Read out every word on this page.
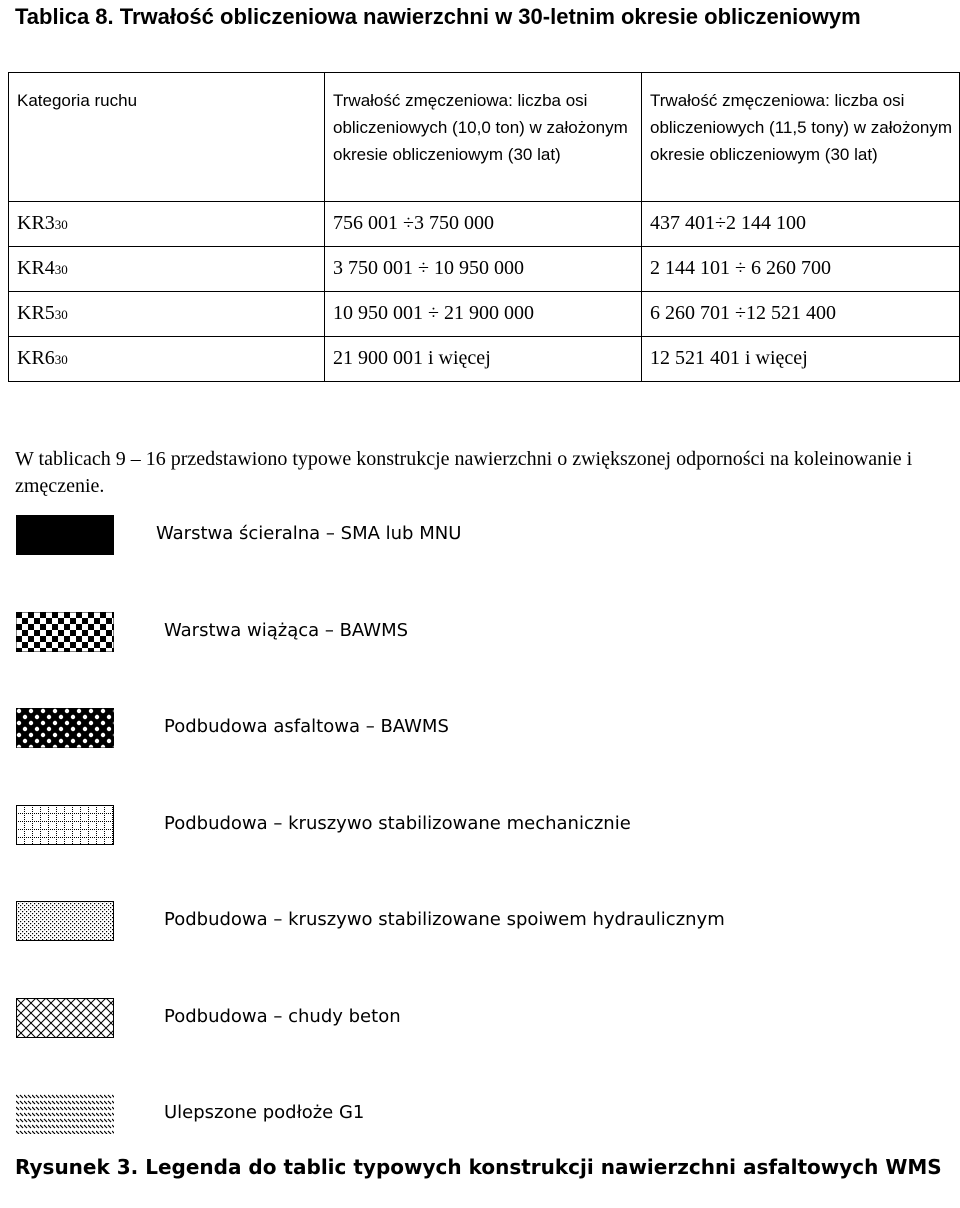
Tablica 8. Trwałość obliczeniowa nawierzchni w 30-letnim okresie obliczeniowym
Kategoria ruchu	Trwałość zmęczeniowa: liczba osi obliczeniowych (10,0 ton) w założonym okresie obliczeniowym (30 lat)	Trwałość zmęczeniowa: liczba osi obliczeniowych (11,5 tony) w założonym okresie obliczeniowym (30 lat)
KR330	756 001 ÷3 750 000	437 401÷2 144 100
KR430	3 750 001 ÷ 10 950 000	2 144 101 ÷ 6 260 700
KR530	10 950 001 ÷ 21 900 000	6 260 701 ÷12 521 400
KR630	21 900 001 i więcej	12 521 401 i więcej
W tablicach 9 – 16 przedstawiono typowe konstrukcje nawierzchni o zwiększonej odporności na koleinowanie i zmęczenie.
Warstwa ścieralna – SMA lub MNU
Warstwa wiążąca – BAWMS
Podbudowa asfaltowa – BAWMS
Podbudowa – kruszywo stabilizowane mechanicznie
Podbudowa – kruszywo stabilizowane spoiwem hydraulicznym
Podbudowa – chudy beton
Ulepszone podłoże G1
Rysunek 3. Legenda do tablic typowych konstrukcji nawierzchni asfaltowych WMS
